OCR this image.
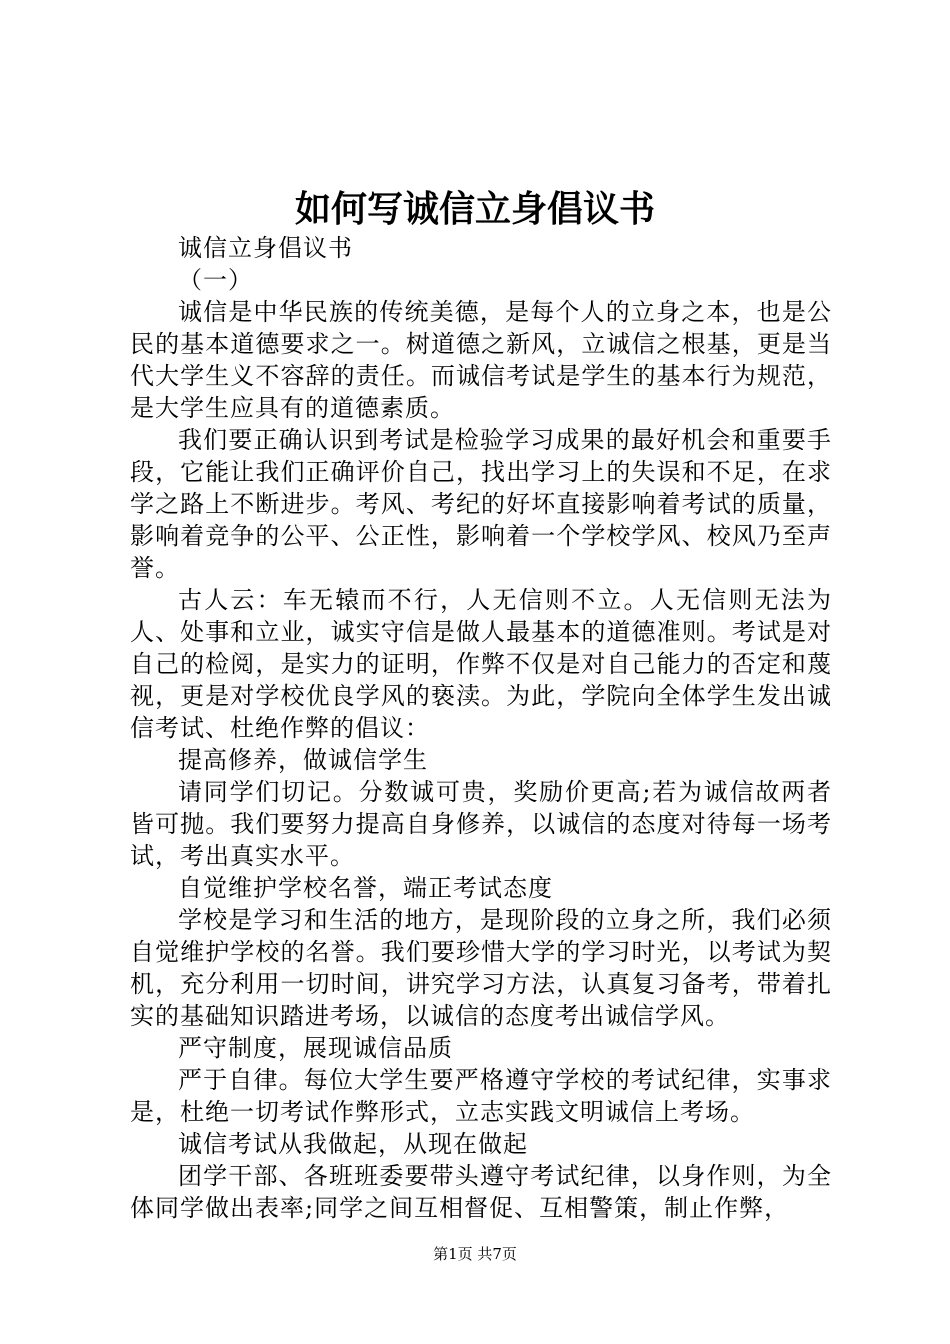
如何写诚信立身倡议书

诚信立身倡议书

（一）

诚信是中华民族的传统美德，是每个人的立身之本，也是公民的基本道德要求之一。树道德之新风，立诚信之根基，更是当代大学生义不容辞的责任。而诚信考试是学生的基本行为规范，是大学生应具有的道德素质。

我们要正确认识到考试是检验学习成果的最好机会和重要手段，它能让我们正确评价自己，找出学习上的失误和不足，在求学之路上不断进步。考风、考纪的好坏直接影响着考试的质量，影响着竞争的公平、公正性，影响着一个学校学风、校风乃至声誉。

古人云：车无辕而不行，人无信则不立。人无信则无法为人、处事和立业，诚实守信是做人最基本的道德准则。考试是对自己的检阅，是实力的证明，作弊不仅是对自己能力的否定和蔑视，更是对学校优良学风的亵渎。为此，学院向全体学生发出诚信考试、杜绝作弊的倡议：

提高修养，做诚信学生

请同学们切记。分数诚可贵，奖励价更高;若为诚信故两者皆可抛。我们要努力提高自身修养，以诚信的态度对待每一场考试，考出真实水平。

自觉维护学校名誉，端正考试态度

学校是学习和生活的地方，是现阶段的立身之所，我们必须自觉维护学校的名誉。我们要珍惜大学的学习时光，以考试为契机，充分利用一切时间，讲究学习方法，认真复习备考，带着扎实的基础知识踏进考场，以诚信的态度考出诚信学风。

严守制度，展现诚信品质

严于自律。每位大学生要严格遵守学校的考试纪律，实事求是，杜绝一切考试作弊形式，立志实践文明诚信上考场。

诚信考试从我做起，从现在做起

团学干部、各班班委要带头遵守考试纪律，以身作则，为全体同学做出表率;同学之间互相督促、互相警策，制止作弊，

第1页 共7页
